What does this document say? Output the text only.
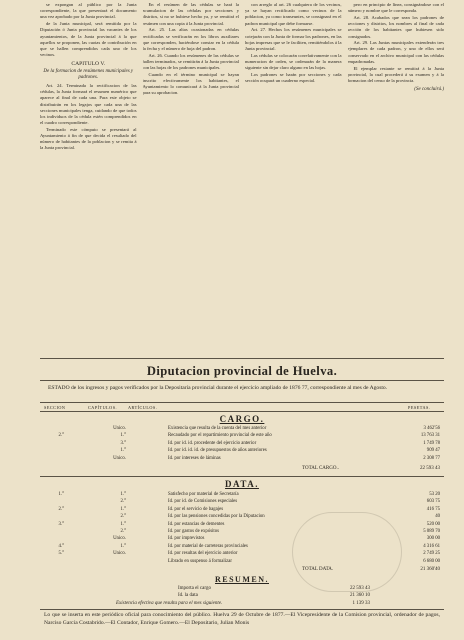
se expongan al público por la Junta correspondiente, la que presentará el documento una vez aprobado por la Junta provincial.

de la Junta municipal, será remitida por la Diputación ó Junta provincial las vacantes de los ayuntamientos, de la Junta provincial á la que aquellos se proponen, las cuotas de contribución en que se hallen comprendidos cada uno de los vecinos.

CAPITULO V.

De la formacion de resúmenes municipales y padrones.

Art. 24. Terminada la rectificacion de las cédulas, la Junta formará el resumen numérico que aparece al final de cada una. Para este objeto se distribuirán en los legajos que cada una de las secciones municipales tenga, cuidando de que todos los individuos de la cédula estén comprendidos en el cuadro correspondiente.

Terminado este cómputo se presentará al Ayuntamiento á fin de que decida el resultado del número de habitantes de la poblacion y se remita á la Junta provincial.

En el resúmen de las cédulas se hará la acumulacion de las cédulas por secciones y distritos, si no se hubiese hecho ya, y se remitirá el resúmen con una copia á la Junta provincial.

Art. 25. Las altas ocasionadas en cédulas rectificadas se verificarán en los libros auxiliares que corresponden, haciéndose constar en la cédula la fecha y el número de hoja del padron.

Art. 26. Cuando los resúmenes de las cédulas se hallen terminados, se remitirán á la Junta provincial con las hojas de los padrones municipales.

Cuando en el término municipal se hayan inscrito efectivamente los habitantes, el Ayuntamiento lo comunicará á la Junta provincial para su aprobacion.

con arreglo al art. 26 cualquiera de los vecinos, ya se hayan rectificado como vecinos de la poblacion, ya como transeuntes, se consignará en el padron municipal que debe formarse.

Art. 27. Hechos los resúmenes municipales se cotejarán con la Junta de formar los padrones, en las hojas impresas que se le faciliten, remitiéndolos á la Junta provincial.

Las cédulas se colocarán correlativamente con la numeracion de orden, se ordenarán de la manera siguiente sin dejar claro alguno en las hojas.

Los padrones se harán por secciones y cada sección ocupará un cuaderno especial.

pero en principio de línea, consignándose con el número y nombre que le corresponda.

Art. 28. Acabados que sean los padrones de secciones y distritos, los nombres al final de cada sección de los habitantes que hubiesen sido consignados.

Art. 29. Las Juntas municipales extenderán tres ejemplares de cada padron, y uno de ellos será conservado en el archivo municipal con las cédulas empadronadas.

El ejemplar restante se remitirá á la Junta provincial, la cual procederá á su examen y á la formacion del censo de la provincia.

(Se concluirá.)

Diputacion provincial de Huelva.
ESTADO de los ingresos y pagos verificados por la Depositaría provincial durante el ejercicio ampliado de 1876 77, correspondiente al mes de Agosto.
SECCION	CAPÍTULOS.	ARTÍCULOS.	PESETAS.
CARGO.
Unico.	Existencia que resulta de la cuenta del mes anterior	3 462'56
2.°	1.°	Recaudado por el repartimiento provincial de este año	13 763 31
3.°	Id. por id. id. procedente del ejercicio anterior	1 749 78
1.°	Id. por id. id. id. de presupuestos de años anteriores	909 47
Unico.	Id. por intereses de láminas	2 308 77
TOTAL CARGO..	22 593 43
DATA.
1.°	1.°	Satisfecho por material de Secretaría	53 20
2.°	Id. por id. de Comisiones especiales	603 75
2.°	1.°	Id. por el servicio de bagajes	416 75
2.°	Id. por las pensiones concedidas por la Diputacion	40
3.°	1.°	Id. por estancias de dementes	520 00
2.°	Id. por gastos de expósitos	5 089 70
Unico.	Id. por imprevistos	300 00
4.°	1.°	Id. por material de carreteras provinciales	4 316 61
5.°	Unico.	Id. por resultas del ejercicio anterior	2 749 25
Librado en suspenso á formalizar	6 680 00
TOTAL DATA.	21 360'40
RESUMEN.
Importa el cargo	22 593 43
Id. la data	21 360 10
Existencia efectiva que resulta para el mes siguiente.	1 139 33
Lo que se inserta en este periódico oficial para conocimiento del público. Huelva 29 de Octubre de 1877.—El Vicepresidente de la Comision provincial, ordenador de pagos, Narciso García Costabrido.—El Contador, Enrique Gomero.—El Depositario, Julian Monis
